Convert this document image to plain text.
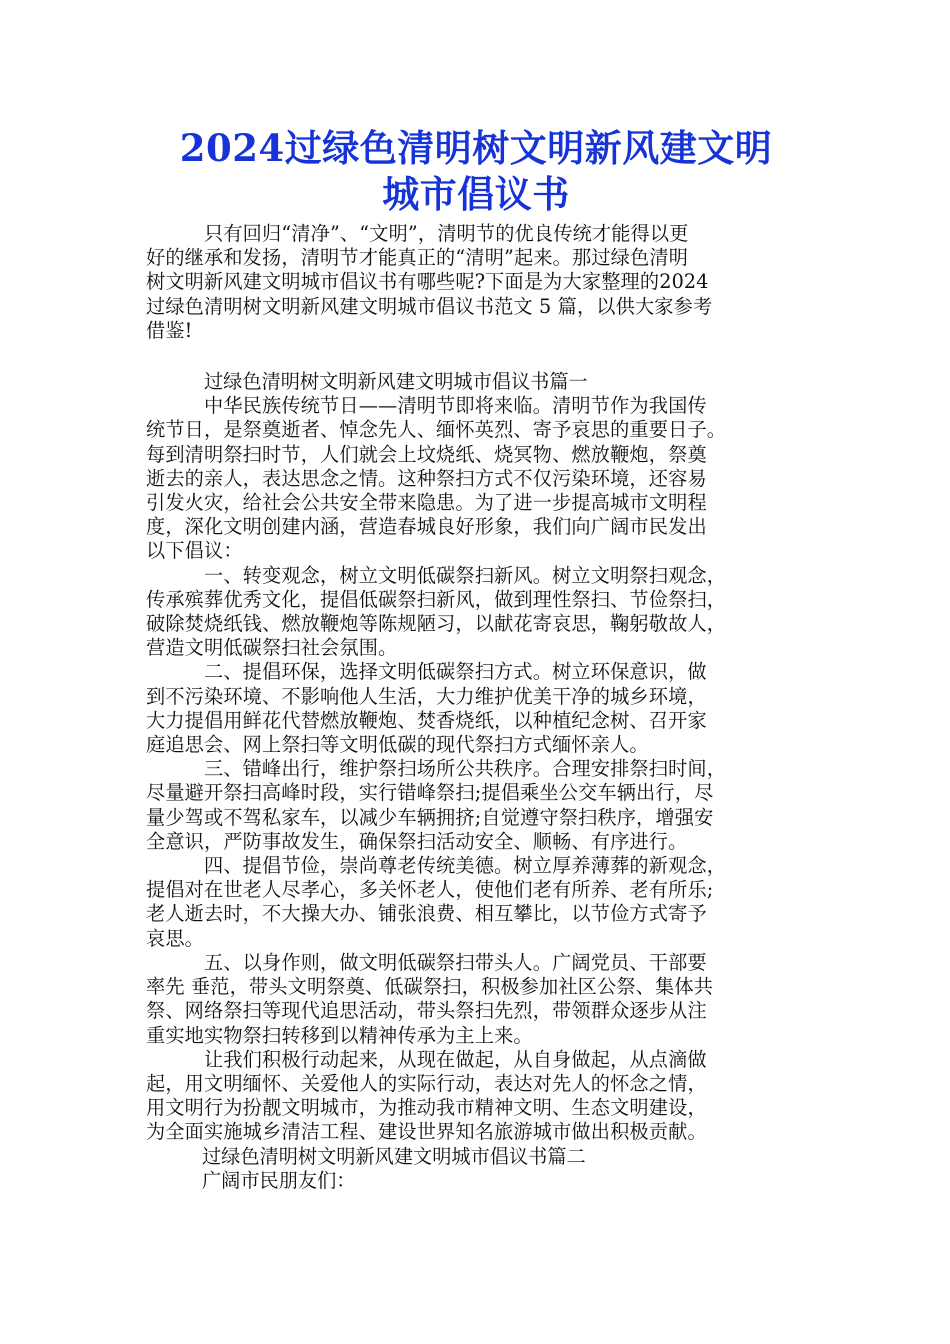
2024过绿色清明树文明新风建文明
城市倡议书

只有回归“清净”、“文明”，清明节的优良传统才能得以更
好的继承和发扬，清明节才能真正的“清明”起来。那过绿色清明
树文明新风建文明城市倡议书有哪些呢?下面是为大家整理的2024
过绿色清明树文明新风建文明城市倡议书范文 5 篇，以供大家参考
借鉴!

过绿色清明树文明新风建文明城市倡议书篇一

中华民族传统节日——清明节即将来临。清明节作为我国传
统节日，是祭奠逝者、悼念先人、缅怀英烈、寄予哀思的重要日子。
每到清明祭扫时节，人们就会上坟烧纸、烧冥物、燃放鞭炮，祭奠
逝去的亲人，表达思念之情。这种祭扫方式不仅污染环境，还容易
引发火灾，给社会公共安全带来隐患。为了进一步提高城市文明程
度，深化文明创建内涵，营造春城良好形象，我们向广阔市民发出
以下倡议：

一、转变观念，树立文明低碳祭扫新风。树立文明祭扫观念，
传承殡葬优秀文化，提倡低碳祭扫新风，做到理性祭扫、节俭祭扫，
破除焚烧纸钱、燃放鞭炮等陈规陋习，以献花寄哀思，鞠躬敬故人，
营造文明低碳祭扫社会氛围。

二、提倡环保，选择文明低碳祭扫方式。树立环保意识，做
到不污染环境、不影响他人生活，大力维护优美干净的城乡环境，
大力提倡用鲜花代替燃放鞭炮、焚香烧纸，以种植纪念树、召开家
庭追思会、网上祭扫等文明低碳的现代祭扫方式缅怀亲人。

三、错峰出行，维护祭扫场所公共秩序。合理安排祭扫时间，
尽量避开祭扫高峰时段，实行错峰祭扫;提倡乘坐公交车辆出行，尽
量少驾或不驾私家车，以减少车辆拥挤;自觉遵守祭扫秩序，增强安
全意识，严防事故发生，确保祭扫活动安全、顺畅、有序进行。

四、提倡节俭，崇尚尊老传统美德。树立厚养薄葬的新观念，
提倡对在世老人尽孝心，多关怀老人，使他们老有所养、老有所乐;
老人逝去时，不大操大办、铺张浪费、相互攀比，以节俭方式寄予
哀思。

五、以身作则，做文明低碳祭扫带头人。广阔党员、干部要
率先 垂范，带头文明祭奠、低碳祭扫，积极参加社区公祭、集体共
祭、网络祭扫等现代追思活动，带头祭扫先烈，带领群众逐步从注
重实地实物祭扫转移到以精神传承为主上来。

让我们积极行动起来，从现在做起，从自身做起，从点滴做
起，用文明缅怀、关爱他人的实际行动，表达对先人的怀念之情，
用文明行为扮靓文明城市，为推动我市精神文明、生态文明建设，
为全面实施城乡清洁工程、建设世界知名旅游城市做出积极贡献。

过绿色清明树文明新风建文明城市倡议书篇二

广阔市民朋友们：
